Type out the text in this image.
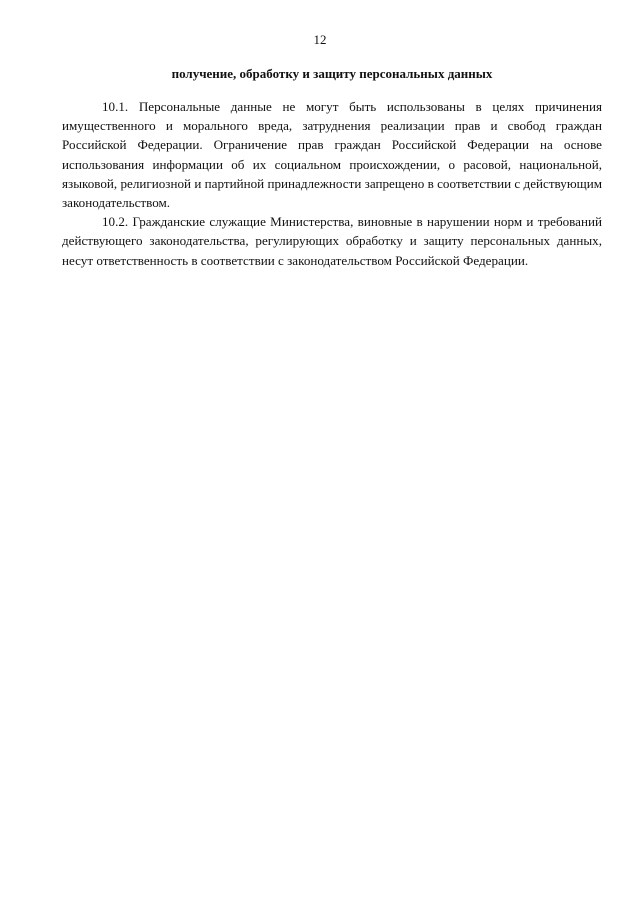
12
получение, обработку и защиту персональных данных

10.1. Персональные данные не могут быть использованы в целях причинения имущественного и морального вреда, затруднения реализации прав и свобод граждан Российской Федерации. Ограничение прав граждан Российской Федерации на основе использования информации об их социальном происхождении, о расовой, национальной, языковой, религиозной и партийной принадлежности запрещено в соответствии с действующим законодательством.

10.2. Гражданские служащие Министерства, виновные в нарушении норм и требований действующего законодательства, регулирующих обработку и защиту персональных данных, несут ответственность в соответствии с законодательством Российской Федерации.
